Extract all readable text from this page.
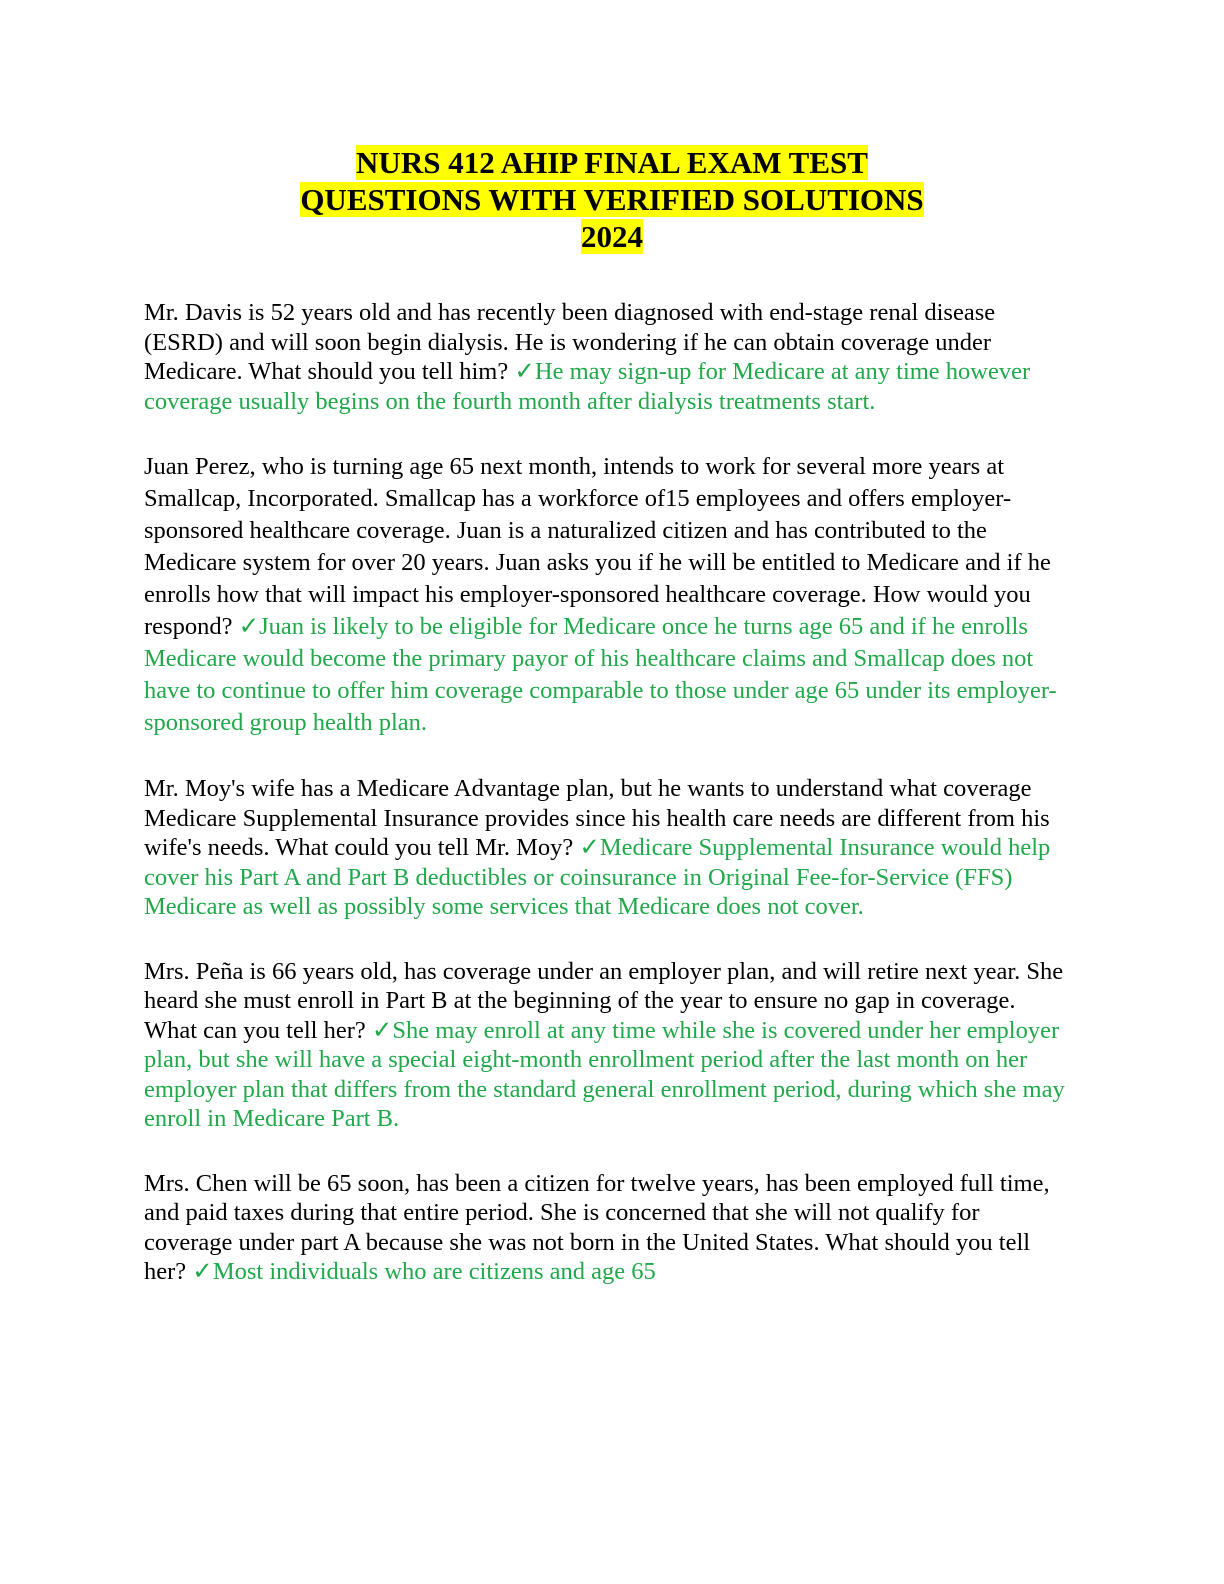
NURS 412 AHIP FINAL EXAM TEST
QUESTIONS WITH VERIFIED SOLUTIONS
2024

Mr. Davis is 52 years old and has recently been diagnosed with end-stage renal disease (ESRD) and will soon begin dialysis. He is wondering if he can obtain coverage under Medicare. What should you tell him? ✓He may sign-up for Medicare at any time however coverage usually begins on the fourth month after dialysis treatments start.

Juan Perez, who is turning age 65 next month, intends to work for several more years at Smallcap, Incorporated. Smallcap has a workforce of15 employees and offers employer-sponsored healthcare coverage. Juan is a naturalized citizen and has contributed to the Medicare system for over 20 years. Juan asks you if he will be entitled to Medicare and if he enrolls how that will impact his employer-sponsored healthcare coverage. How would you respond? ✓Juan is likely to be eligible for Medicare once he turns age 65 and if he enrolls Medicare would become the primary payor of his healthcare claims and Smallcap does not have to continue to offer him coverage comparable to those under age 65 under its employer-sponsored group health plan.

Mr. Moy's wife has a Medicare Advantage plan, but he wants to understand what coverage Medicare Supplemental Insurance provides since his health care needs are different from his wife's needs. What could you tell Mr. Moy? ✓Medicare Supplemental Insurance would help cover his Part A and Part B deductibles or coinsurance in Original Fee-for-Service (FFS) Medicare as well as possibly some services that Medicare does not cover.

Mrs. Peña is 66 years old, has coverage under an employer plan, and will retire next year. She heard she must enroll in Part B at the beginning of the year to ensure no gap in coverage. What can you tell her? ✓She may enroll at any time while she is covered under her employer plan, but she will have a special eight-month enrollment period after the last month on her employer plan that differs from the standard general enrollment period, during which she may enroll in Medicare Part B.

Mrs. Chen will be 65 soon, has been a citizen for twelve years, has been employed full time, and paid taxes during that entire period. She is concerned that she will not qualify for coverage under part A because she was not born in the United States. What should you tell her? ✓Most individuals who are citizens and age 65
